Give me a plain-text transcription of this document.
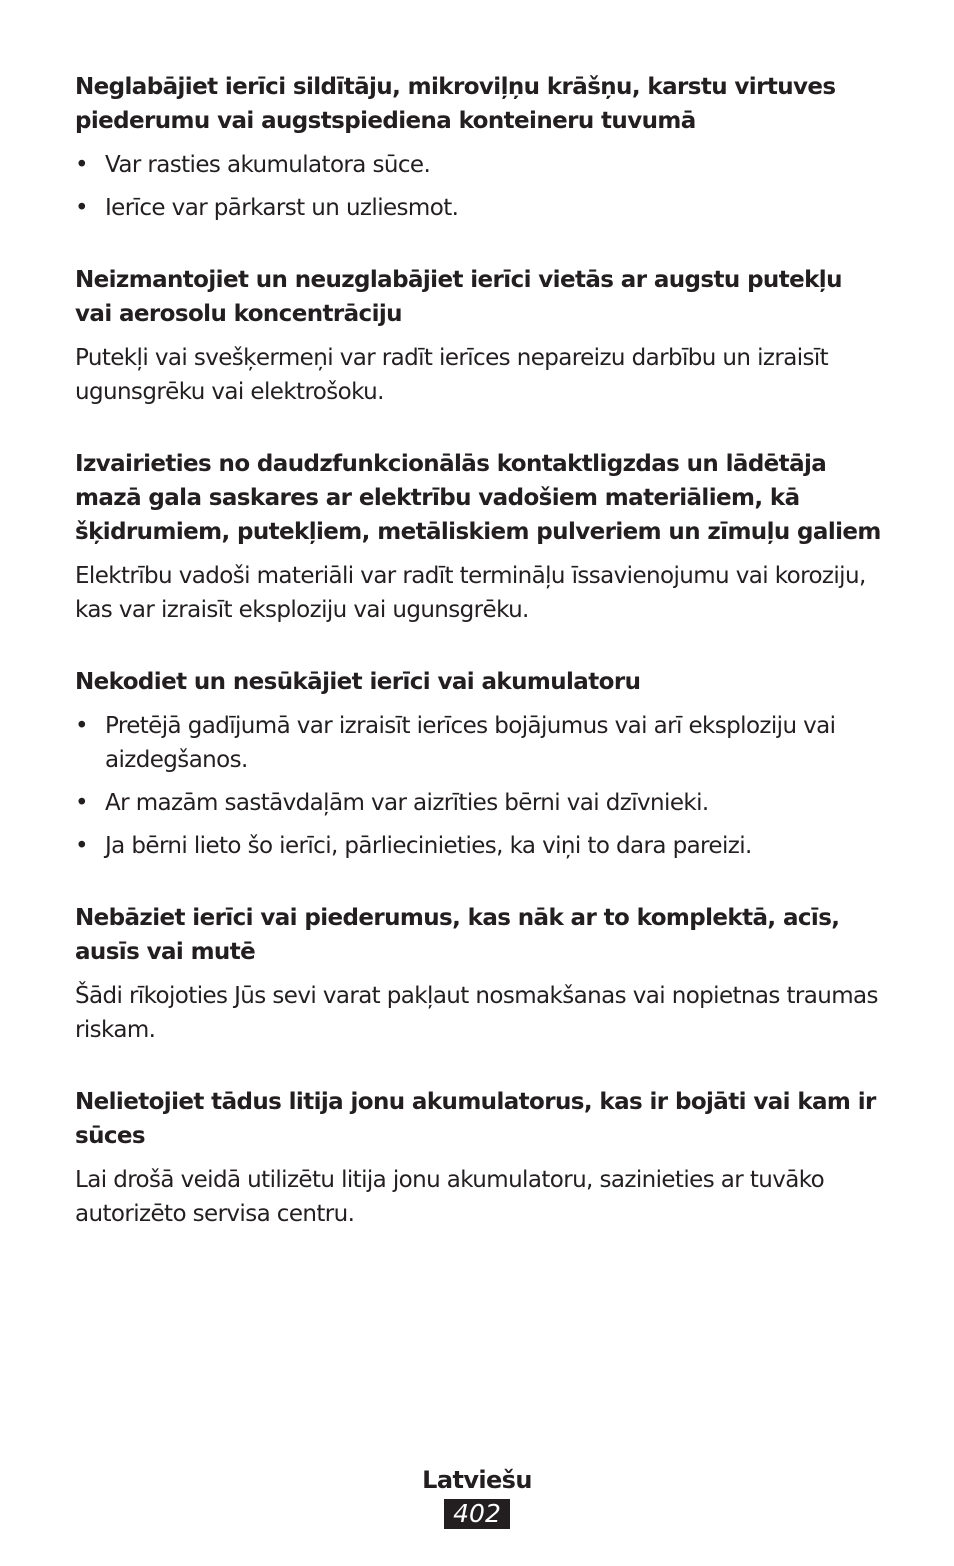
Neglabājiet ierīci sildītāju, mikroviļņu krāšņu, karstu virtuves piederumu vai augstspiediena konteineru tuvumā

• Var rasties akumulatora sūce.
• Ierīce var pārkarst un uzliesmot.

Neizmantojiet un neuzglabājiet ierīci vietās ar augstu putekļu vai aerosolu koncentrāciju

Putekļi vai svešķermeņi var radīt ierīces nepareizu darbību un izraisīt ugunsgrēku vai elektrošoku.

Izvairieties no daudzfunkcionālās kontaktligzdas un lādētāja mazā gala saskares ar elektrību vadošiem materiāliem, kā šķidrumiem, putekļiem, metāliskiem pulveriem un zīmuļu galiem

Elektrību vadoši materiāli var radīt termināļu īssavienojumu vai koroziju, kas var izraisīt eksploziju vai ugunsgrēku.

Nekodiet un nesūkājiet ierīci vai akumulatoru

• Pretējā gadījumā var izraisīt ierīces bojājumus vai arī eksploziju vai aizdegšanos.
• Ar mazām sastāvdaļām var aizrīties bērni vai dzīvnieki.
• Ja bērni lieto šo ierīci, pārliecinieties, ka viņi to dara pareizi.

Nebāziet ierīci vai piederumus, kas nāk ar to komplektā, acīs, ausīs vai mutē

Šādi rīkojoties Jūs sevi varat pakļaut nosmakšanas vai nopietnas traumas riskam.

Nelietojiet tādus litija jonu akumulatorus, kas ir bojāti vai kam ir sūces

Lai drošā veidā utilizētu litija jonu akumulatoru, sazinieties ar tuvāko autorizēto servisa centru.

Latviešu
402
